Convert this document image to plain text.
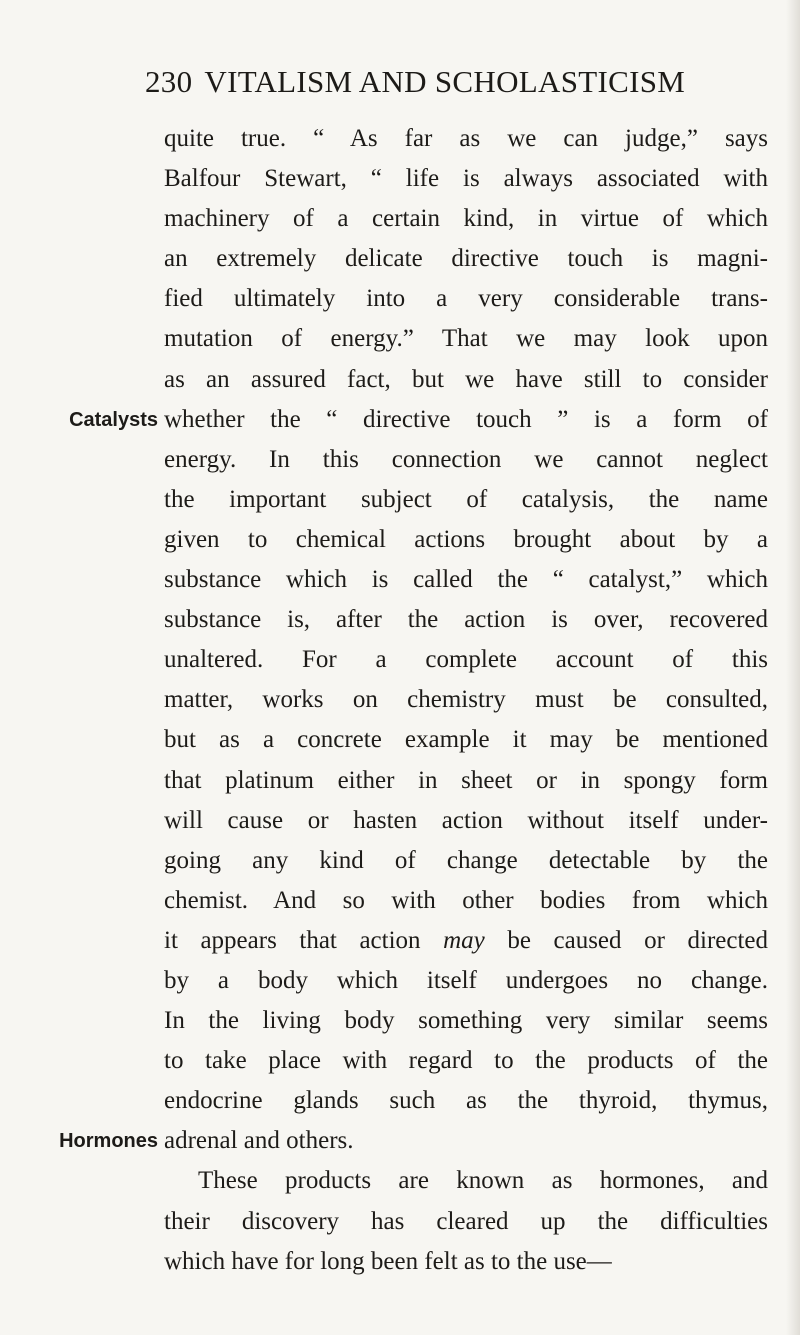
230 VITALISM AND SCHOLASTICISM
Catalysts
Hormones
quite true. “ As far as we can judge,” says
Balfour Stewart, “ life is always associated with
machinery of a certain kind, in virtue of which
an extremely delicate directive touch is magni-
fied ultimately into a very considerable trans-
mutation of energy.” That we may look upon
as an assured fact, but we have still to consider
whether the “ directive touch ” is a form of
energy. In this connection we cannot neglect
the important subject of catalysis, the name
given to chemical actions brought about by a
substance which is called the “ catalyst,” which
substance is, after the action is over, recovered
unaltered. For a complete account of this
matter, works on chemistry must be consulted,
but as a concrete example it may be mentioned
that platinum either in sheet or in spongy form
will cause or hasten action without itself under-
going any kind of change detectable by the
chemist. And so with other bodies from which
it appears that action may be caused or directed
by a body which itself undergoes no change.
In the living body something very similar seems
to take place with regard to the products of the
endocrine glands such as the thyroid, thymus,
adrenal and others.
These products are known as hormones, and
their discovery has cleared up the difficulties
which have for long been felt as to the use—
